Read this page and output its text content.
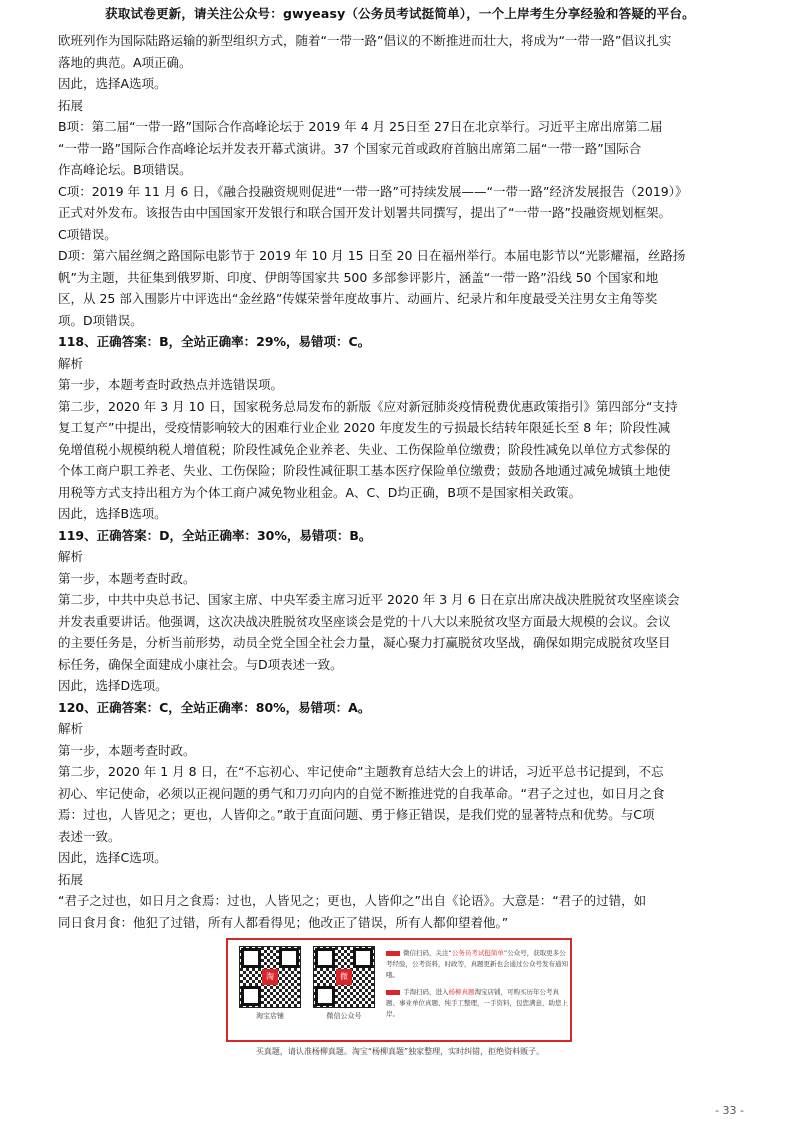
获取试卷更新，请关注公众号：gwyeasy（公务员考试挺简单），一个上岸考生分享经验和答疑的平台。

欧班列作为国际陆路运输的新型组织方式，随着“一带一路”倡议的不断推进而壮大，将成为“一带一路”倡议扎实

落地的典范。A项正确。

因此，选择A选项。

拓展

B项：第二届“一带一路”国际合作高峰论坛于 2019 年 4 月 25日至 27日在北京举行。习近平主席出席第二届

“一带一路”国际合作高峰论坛并发表开幕式演讲。37 个国家元首或政府首脑出席第二届“一带一路”国际合

作高峰论坛。B项错误。

C项：2019 年 11 月 6 日，《融合投融资规则促进“一带一路”可持续发展——“一带一路”经济发展报告（2019）》

正式对外发布。该报告由中国国家开发银行和联合国开发计划署共同撰写，提出了“一带一路”投融资规划框架。

C项错误。

D项：第六届丝绸之路国际电影节于 2019 年 10 月 15 日至 20 日在福州举行。本届电影节以“光影耀福，丝路扬

帆”为主题，共征集到俄罗斯、印度、伊朗等国家共 500 多部参评影片，涵盖“一带一路”沿线 50 个国家和地

区，从 25 部入围影片中评选出“金丝路”传媒荣誉年度故事片、动画片、纪录片和年度最受关注男女主角等奖

项。D项错误。

118、正确答案：B，全站正确率：29%，易错项：C。

解析

第一步，本题考查时政热点并选错误项。

第二步，2020 年 3 月 10 日，国家税务总局发布的新版《应对新冠肺炎疫情税费优惠政策指引》第四部分“支持

复工复产”中提出，受疫情影响较大的困难行业企业 2020 年度发生的亏损最长结转年限延长至 8 年；阶段性减

免增值税小规模纳税人增值税；阶段性减免企业养老、失业、工伤保险单位缴费；阶段性减免以单位方式参保的

个体工商户职工养老、失业、工伤保险；阶段性减征职工基本医疗保险单位缴费；鼓励各地通过减免城镇土地使

用税等方式支持出租方为个体工商户减免物业租金。A、C、D均正确，B项不是国家相关政策。

因此，选择B选项。

119、正确答案：D，全站正确率：30%，易错项：B。

解析

第一步，本题考查时政。

第二步，中共中央总书记、国家主席、中央军委主席习近平 2020 年 3 月 6 日在京出席决战决胜脱贫攻坚座谈会

并发表重要讲话。他强调，这次决战决胜脱贫攻坚座谈会是党的十八大以来脱贫攻坚方面最大规模的会议。会议

的主要任务是，分析当前形势，动员全党全国全社会力量，凝心聚力打赢脱贫攻坚战，确保如期完成脱贫攻坚目

标任务，确保全面建成小康社会。与D项表述一致。

因此，选择D选项。

120、正确答案：C，全站正确率：80%，易错项：A。

解析

第一步，本题考查时政。

第二步，2020 年 1 月 8 日，在“不忘初心、牢记使命”主题教育总结大会上的讲话，习近平总书记提到，不忘

初心、牢记使命，必须以正视问题的勇气和刀刃向内的自觉不断推进党的自我革命。“君子之过也，如日月之食

焉：过也，人皆见之；更也，人皆仰之。”敢于直面问题、勇于修正错误，是我们党的显著特点和优势。与C项

表述一致。

因此，选择C选项。

拓展

“君子之过也，如日月之食焉：过也，人皆见之；更也，人皆仰之”出自《论语》。大意是：“君子的过错，如

同日食月食：他犯了过错，所有人都看得见；他改正了错误，所有人都仰望着他。”

淘
淘宝店铺
微
微信公众号

微信扫码，关注“公务员考试挺简单”公众号，获取更多公考经验，公考资料，时政等，真题更新也会通过公众号发布通知哦。

手淘扫码，进入杨柳真题淘宝店铺，可购买历年公考真题、事业单位真题、纯手工整理，一手资料，包您满意，助您上岸。

买真题，请认准杨柳真题。淘宝“杨柳真题”独家整理，实时纠错，拒绝资料贩子。
- 33 -
